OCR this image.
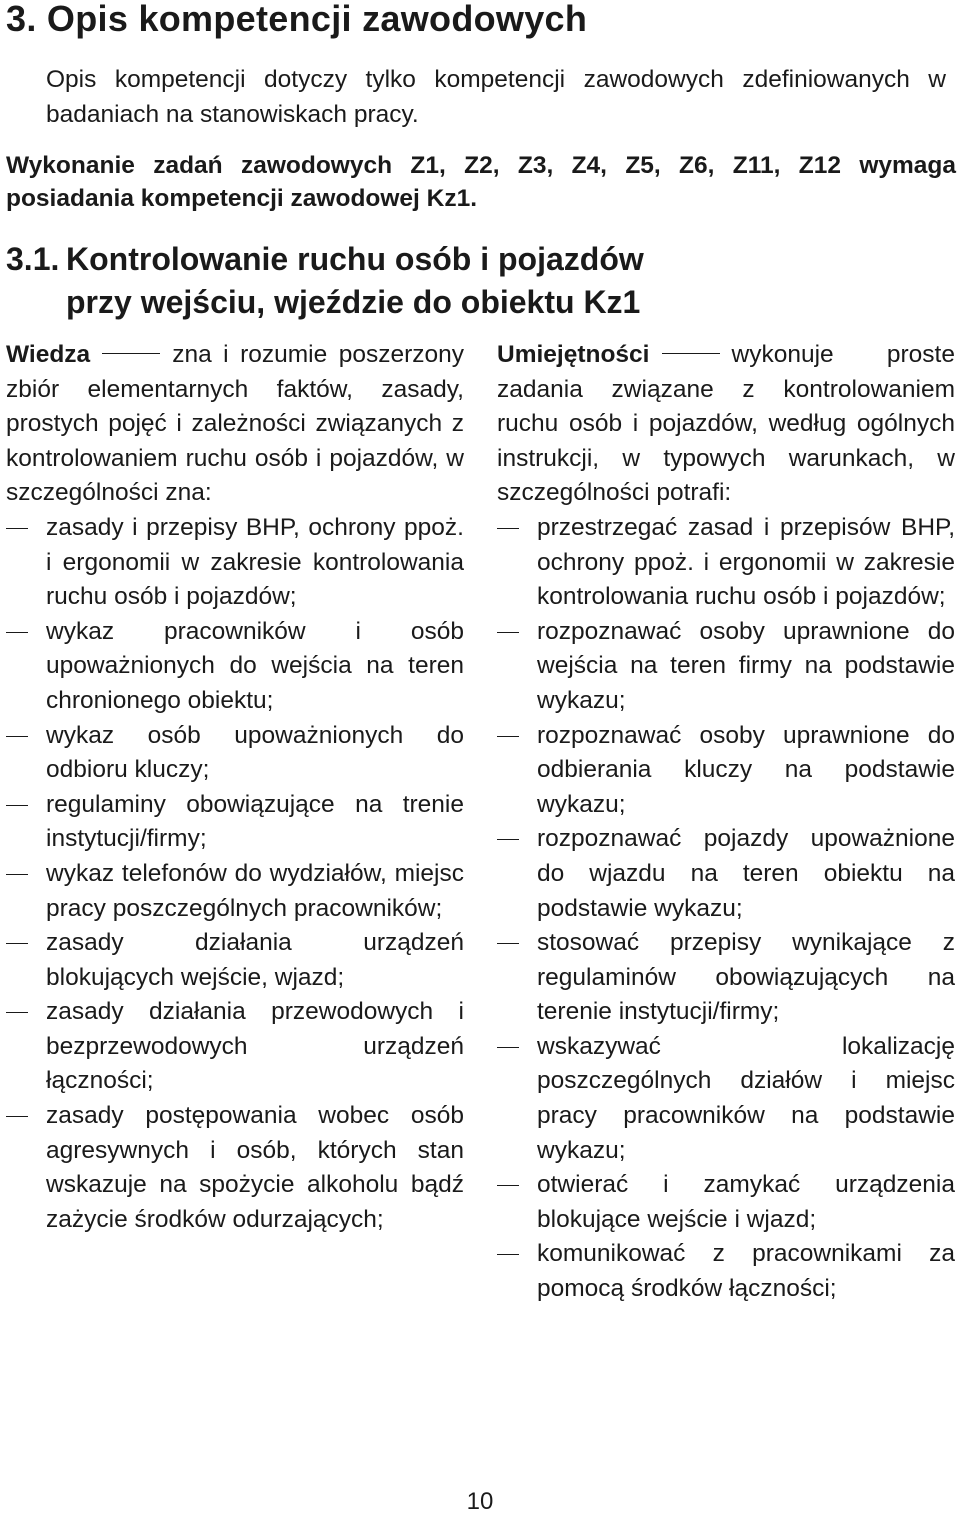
3. Opis kompetencji zawodowych
Opis kompetencji dotyczy tylko kompetencji zawodowych zdefiniowanych w badaniach na stanowiskach pracy.
Wykonanie zadań zawodowych Z1, Z2, Z3, Z4, Z5, Z6, Z11, Z12 wymaga posiadania kompetencji zawodowej Kz1.
3.1. Kontrolowanie ruchu osób i pojazdów
przy wejściu, wjeździe do obiektu Kz1

Wiedza	zna i rozumie poszerzony zbiór elementarnych faktów, zasady, prostych pojęć i zależności związanych z kontrolowaniem ruchu osób i pojazdów, w szczególności zna:

zasady i przepisy BHP, ochrony ppoż. i ergonomii w zakresie kontrolowania ruchu osób i pojazdów;
wykaz pracowników i osób upoważnionych do wejścia na teren chronionego obiektu;
wykaz osób upoważnionych do odbioru kluczy;
regulaminy obowiązujące na trenie instytucji/firmy;
wykaz telefonów do wydziałów, miejsc pracy poszczególnych pracowników;
zasady działania urządzeń blokujących wejście, wjazd;
zasady działania przewodowych i bezprzewodowych urządzeń łączności;
zasady postępowania wobec osób agresywnych i osób, których stan wskazuje na spożycie alkoholu bądź zażycie środków odurzających;

Umiejętności	wykonuje proste zadania związane z kontrolowaniem ruchu osób i pojazdów, według ogólnych instrukcji, w typowych warunkach, w szczególności potrafi:

przestrzegać zasad i przepisów BHP, ochrony ppoż. i ergonomii w zakresie kontrolowania ruchu osób i pojazdów;
rozpoznawać osoby uprawnione do wejścia na teren firmy na podstawie wykazu;
rozpoznawać osoby uprawnione do odbierania kluczy na podstawie wykazu;
rozpoznawać pojazdy upoważnione do wjazdu na teren obiektu na podstawie wykazu;
stosować przepisy wynikające z regulaminów obowiązujących na terenie instytucji/firmy;
wskazywać lokalizację poszczególnych działów i miejsc pracy pracowników na podstawie wykazu;
otwierać i zamykać urządzenia blokujące wejście i wjazd;
komunikować z pracownikami za pomocą środków łączności;
10
